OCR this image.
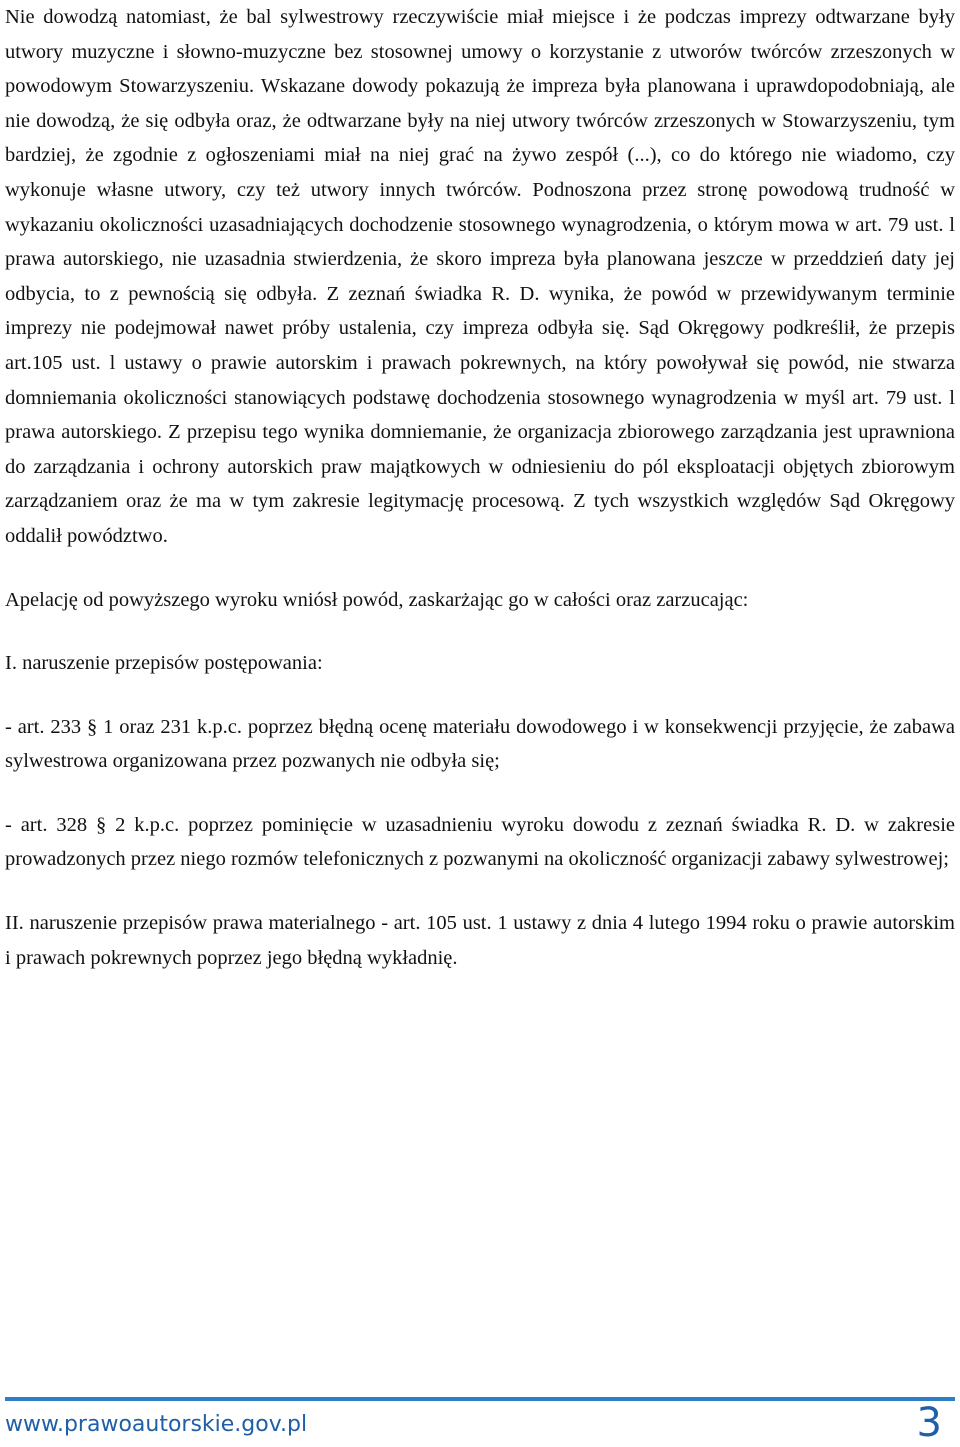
Nie dowodzą natomiast, że bal sylwestrowy rzeczywiście miał miejsce i że podczas imprezy odtwarzane były utwory muzyczne i słowno-muzyczne bez stosownej umowy o korzystanie z utworów twórców zrzeszonych w powodowym Stowarzyszeniu. Wskazane dowody pokazują że impreza była planowana i uprawdopodobniają, ale nie dowodzą, że się odbyła oraz, że odtwarzane były na niej utwory twórców zrzeszonych w Stowarzyszeniu, tym bardziej, że zgodnie z ogłoszeniami miał na niej grać na żywo zespół (...), co do którego nie wiadomo, czy wykonuje własne utwory, czy też utwory innych twórców. Podnoszona przez stronę powodową trudność w wykazaniu okoliczności uzasadniających dochodzenie stosownego wynagrodzenia, o którym mowa w art. 79 ust. l prawa autorskiego, nie uzasadnia stwierdzenia, że skoro impreza była planowana jeszcze w przeddzień daty jej odbycia, to z pewnością się odbyła. Z zeznań świadka R. D. wynika, że powód w przewidywanym terminie imprezy nie podejmował nawet próby ustalenia, czy impreza odbyła się. Sąd Okręgowy podkreślił, że przepis art.105 ust. l ustawy o prawie autorskim i prawach pokrewnych, na który powoływał się powód, nie stwarza domniemania okoliczności stanowiących podstawę dochodzenia stosownego wynagrodzenia w myśl art. 79 ust. l prawa autorskiego. Z przepisu tego wynika domniemanie, że organizacja zbiorowego zarządzania jest uprawniona do zarządzania i ochrony autorskich praw majątkowych w odniesieniu do pól eksploatacji objętych zbiorowym zarządzaniem oraz że ma w tym zakresie legitymację procesową. Z tych wszystkich względów Sąd Okręgowy oddalił powództwo.

Apelację od powyższego wyroku wniósł powód, zaskarżając go w całości oraz zarzucając:

I. naruszenie przepisów postępowania:

- art. 233 § 1 oraz 231 k.p.c. poprzez błędną ocenę materiału dowodowego i w konsekwencji przyjęcie, że zabawa sylwestrowa organizowana przez pozwanych nie odbyła się;

- art. 328 § 2 k.p.c. poprzez pominięcie w uzasadnieniu wyroku dowodu z zeznań świadka R. D. w zakresie prowadzonych przez niego rozmów telefonicznych z pozwanymi na okoliczność organizacji zabawy sylwestrowej;

II. naruszenie przepisów prawa materialnego - art. 105 ust. 1 ustawy z dnia 4 lutego 1994 roku o prawie autorskim i prawach pokrewnych poprzez jego błędną wykładnię.

www.prawoautorskie.gov.pl	3
